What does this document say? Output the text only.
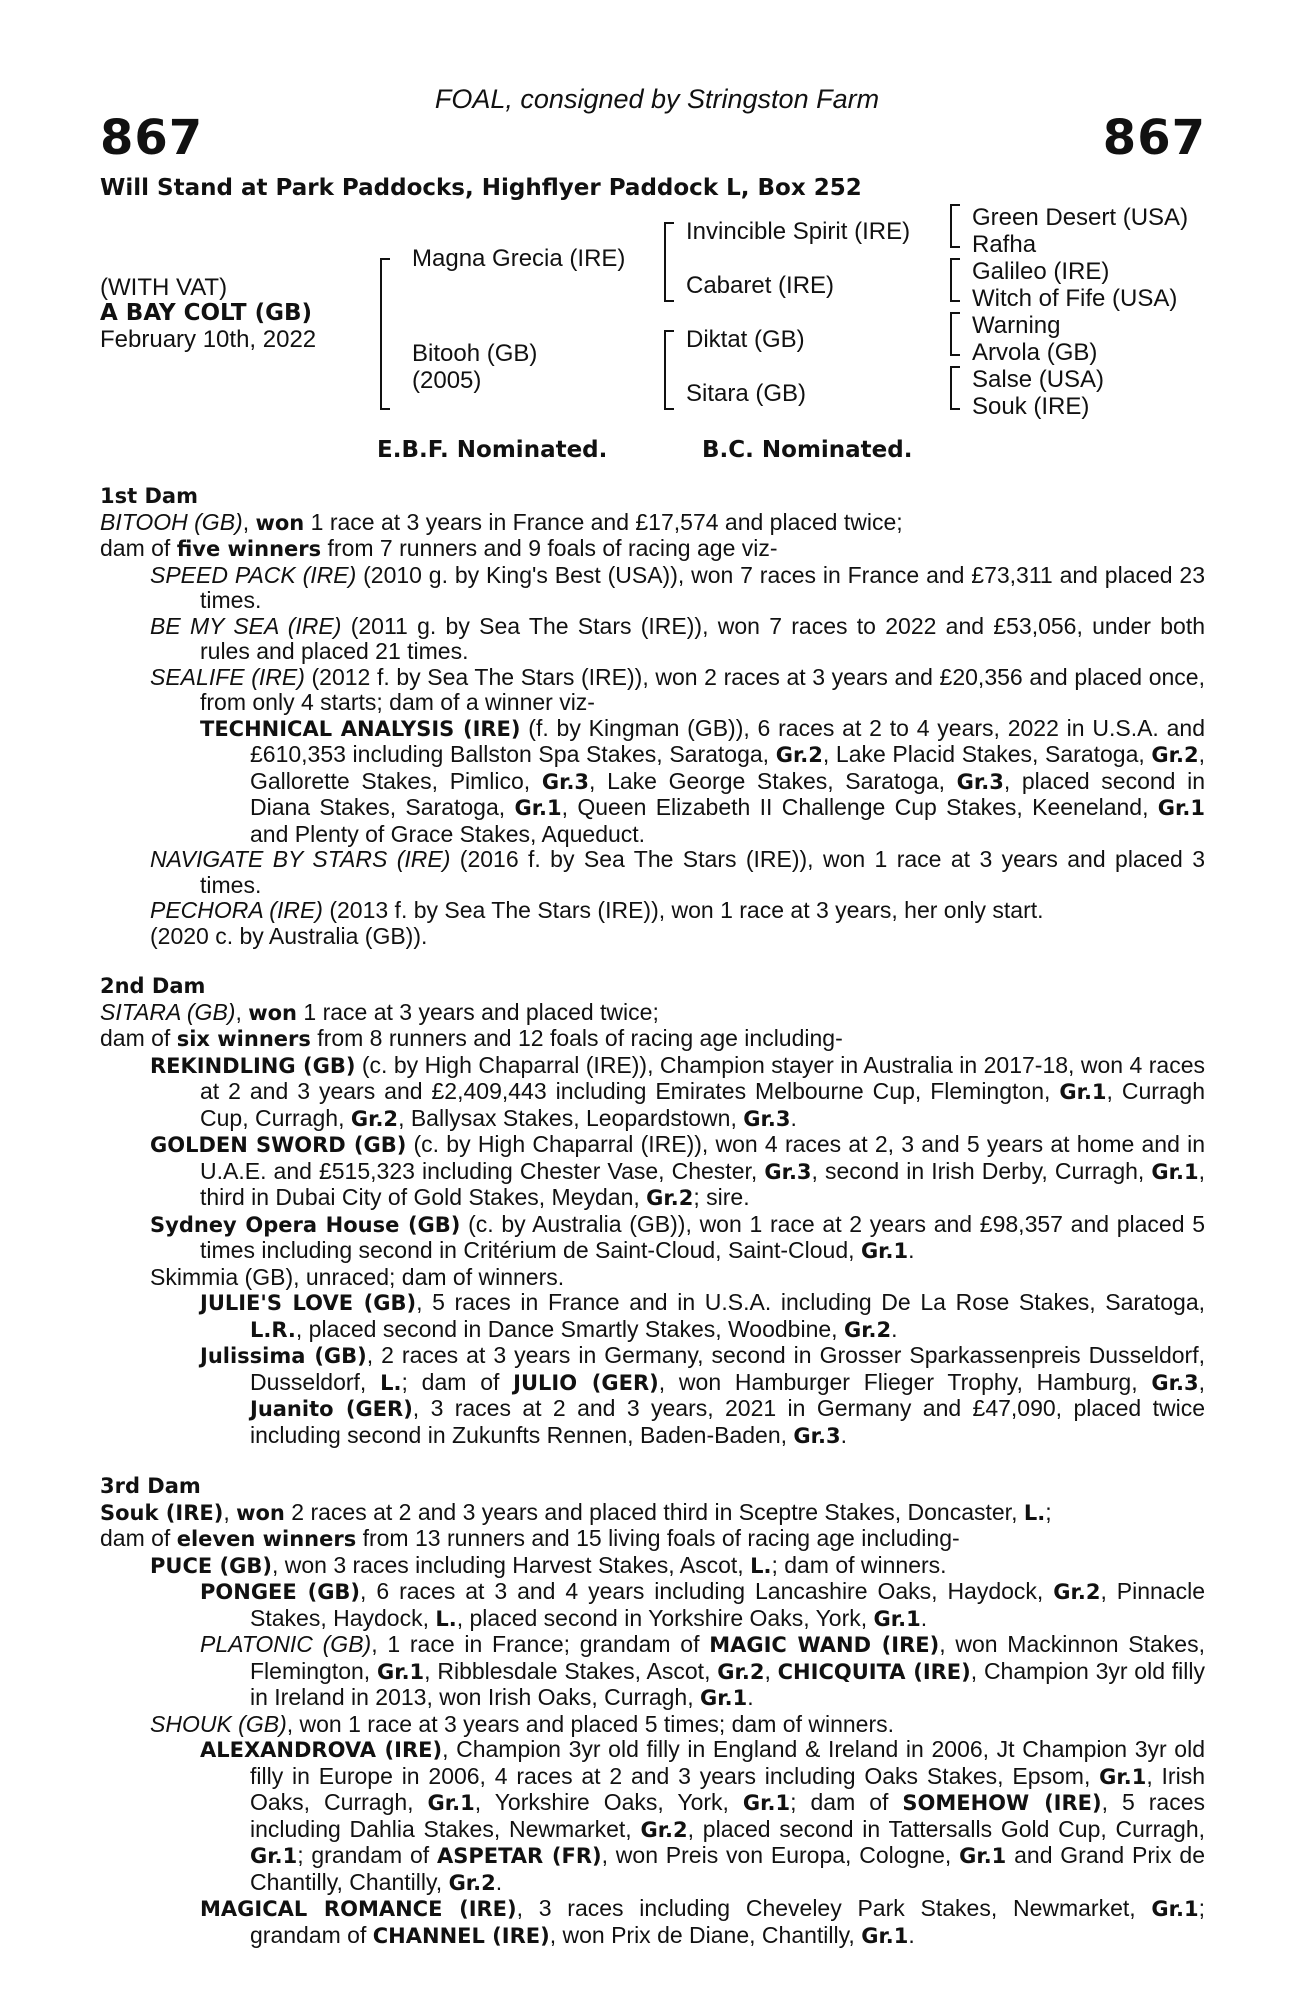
FOAL, consigned by Stringston Farm
867	867
Will Stand at Park Paddocks, Highflyer Paddock L, Box 252
(WITH VAT)
A BAY COLT (GB)
February 10th, 2022
Magna Grecia (IRE)
Bitooh (GB)
(2005)
Invincible Spirit (IRE)
Cabaret (IRE)
Diktat (GB)
Sitara (GB)
Green Desert (USA)
Rafha
Galileo (IRE)
Witch of Fife (USA)
Warning
Arvola (GB)
Salse (USA)
Souk (IRE)
E.B.F. Nominated.	B.C. Nominated.

1st Dam

BITOOH (GB), won 1 race at 3 years in France and £17,574 and placed twice;

dam of five winners from 7 runners and 9 foals of racing age viz-

SPEED PACK (IRE) (2010 g. by King's Best (USA)), won 7 races in France and £73,311 and placed 23 times.

BE MY SEA (IRE) (2011 g. by Sea The Stars (IRE)), won 7 races to 2022 and £53,056, under both rules and placed 21 times.

SEALIFE (IRE) (2012 f. by Sea The Stars (IRE)), won 2 races at 3 years and £20,356 and placed once, from only 4 starts; dam of a winner viz-

TECHNICAL ANALYSIS (IRE) (f. by Kingman (GB)), 6 races at 2 to 4 years, 2022 in U.S.A. and £610,353 including Ballston Spa Stakes, Saratoga, Gr.2, Lake Placid Stakes, Saratoga, Gr.2, Gallorette Stakes, Pimlico, Gr.3, Lake George Stakes, Saratoga, Gr.3, placed second in Diana Stakes, Saratoga, Gr.1, Queen Elizabeth II Challenge Cup Stakes, Keeneland, Gr.1 and Plenty of Grace Stakes, Aqueduct.

NAVIGATE BY STARS (IRE) (2016 f. by Sea The Stars (IRE)), won 1 race at 3 years and placed 3 times.

PECHORA (IRE) (2013 f. by Sea The Stars (IRE)), won 1 race at 3 years, her only start.

(2020 c. by Australia (GB)).

2nd Dam

SITARA (GB), won 1 race at 3 years and placed twice;

dam of six winners from 8 runners and 12 foals of racing age including-

REKINDLING (GB) (c. by High Chaparral (IRE)), Champion stayer in Australia in 2017-18, won 4 races at 2 and 3 years and £2,409,443 including Emirates Melbourne Cup, Flemington, Gr.1, Curragh Cup, Curragh, Gr.2, Ballysax Stakes, Leopardstown, Gr.3.

GOLDEN SWORD (GB) (c. by High Chaparral (IRE)), won 4 races at 2, 3 and 5 years at home and in U.A.E. and £515,323 including Chester Vase, Chester, Gr.3, second in Irish Derby, Curragh, Gr.1, third in Dubai City of Gold Stakes, Meydan, Gr.2; sire.

Sydney Opera House (GB) (c. by Australia (GB)), won 1 race at 2 years and £98,357 and placed 5 times including second in Critérium de Saint-Cloud, Saint-Cloud, Gr.1.

Skimmia (GB), unraced; dam of winners.

JULIE'S LOVE (GB), 5 races in France and in U.S.A. including De La Rose Stakes, Saratoga, L.R., placed second in Dance Smartly Stakes, Woodbine, Gr.2.

Julissima (GB), 2 races at 3 years in Germany, second in Grosser Sparkassenpreis Dusseldorf, Dusseldorf, L.; dam of JULIO (GER), won Hamburger Flieger Trophy, Hamburg, Gr.3, Juanito (GER), 3 races at 2 and 3 years, 2021 in Germany and £47,090, placed twice including second in Zukunfts Rennen, Baden-Baden, Gr.3.

3rd Dam

Souk (IRE), won 2 races at 2 and 3 years and placed third in Sceptre Stakes, Doncaster, L.;

dam of eleven winners from 13 runners and 15 living foals of racing age including-

PUCE (GB), won 3 races including Harvest Stakes, Ascot, L.; dam of winners.

PONGEE (GB), 6 races at 3 and 4 years including Lancashire Oaks, Haydock, Gr.2, Pinnacle Stakes, Haydock, L., placed second in Yorkshire Oaks, York, Gr.1.

PLATONIC (GB), 1 race in France; grandam of MAGIC WAND (IRE), won Mackinnon Stakes, Flemington, Gr.1, Ribblesdale Stakes, Ascot, Gr.2, CHICQUITA (IRE), Champion 3yr old filly in Ireland in 2013, won Irish Oaks, Curragh, Gr.1.

SHOUK (GB), won 1 race at 3 years and placed 5 times; dam of winners.

ALEXANDROVA (IRE), Champion 3yr old filly in England & Ireland in 2006, Jt Champion 3yr old filly in Europe in 2006, 4 races at 2 and 3 years including Oaks Stakes, Epsom, Gr.1, Irish Oaks, Curragh, Gr.1, Yorkshire Oaks, York, Gr.1; dam of SOMEHOW (IRE), 5 races including Dahlia Stakes, Newmarket, Gr.2, placed second in Tattersalls Gold Cup, Curragh, Gr.1; grandam of ASPETAR (FR), won Preis von Europa, Cologne, Gr.1 and Grand Prix de Chantilly, Chantilly, Gr.2.

MAGICAL ROMANCE (IRE), 3 races including Cheveley Park Stakes, Newmarket, Gr.1; grandam of CHANNEL (IRE), won Prix de Diane, Chantilly, Gr.1.
